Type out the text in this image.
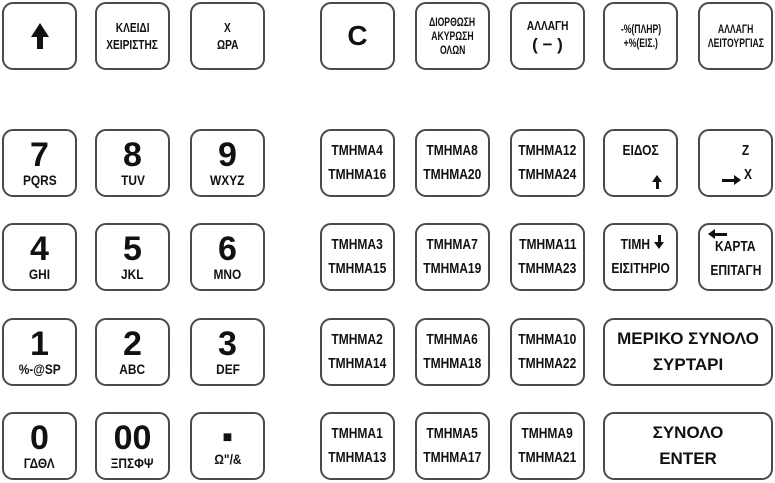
ΚΛΕΙΔΙ
ΧΕΙΡΙΣΤΗΣ
X
ΩΡΑ	C	ΔΙΟΡΘΩΣΗ
ΑΚΥΡΩΣΗ
ΟΛΩΝ
ΑΛΛΑΓΗ
( − )
-%(ΠΛΗΡ)
+%(ΕΙΣ.)
ΑΛΛΑΓΗ
ΛΕΙΤΟΥΡΓΙΑΣ
7
PQRS
8
TUV
9
WXYZ
4
GHI
5
JKL
6
MNO
1
%-@SP
2
ABC
3
DEF
0
ΓΔΘΛ
00
ΞΠΣΦΨ
■
Ω"/&
ΤΜΗΜΑ4
ΤΜΗΜΑ16
ΤΜΗΜΑ8
ΤΜΗΜΑ20
ΤΜΗΜΑ12
ΤΜΗΜΑ24
ΤΜΗΜΑ3
ΤΜΗΜΑ15
ΤΜΗΜΑ7
ΤΜΗΜΑ19
ΤΜΗΜΑ11
ΤΜΗΜΑ23
ΤΜΗΜΑ2
ΤΜΗΜΑ14
ΤΜΗΜΑ6
ΤΜΗΜΑ18
ΤΜΗΜΑ10
ΤΜΗΜΑ22
ΤΜΗΜΑ1
ΤΜΗΜΑ13
ΤΜΗΜΑ5
ΤΜΗΜΑ17
ΤΜΗΜΑ9
ΤΜΗΜΑ21
ΕΙΔΟΣ	Z
X
ΤΙΜΗ
ΕΙΣΙΤΗΡΙΟ
ΚΑΡΤΑ
ΕΠΙΤΑΓΗ
ΜΕΡΙΚΟ ΣΥΝΟΛΟ
ΣΥΡΤΑΡΙ
ΣΥΝΟΛΟ
ENTER
